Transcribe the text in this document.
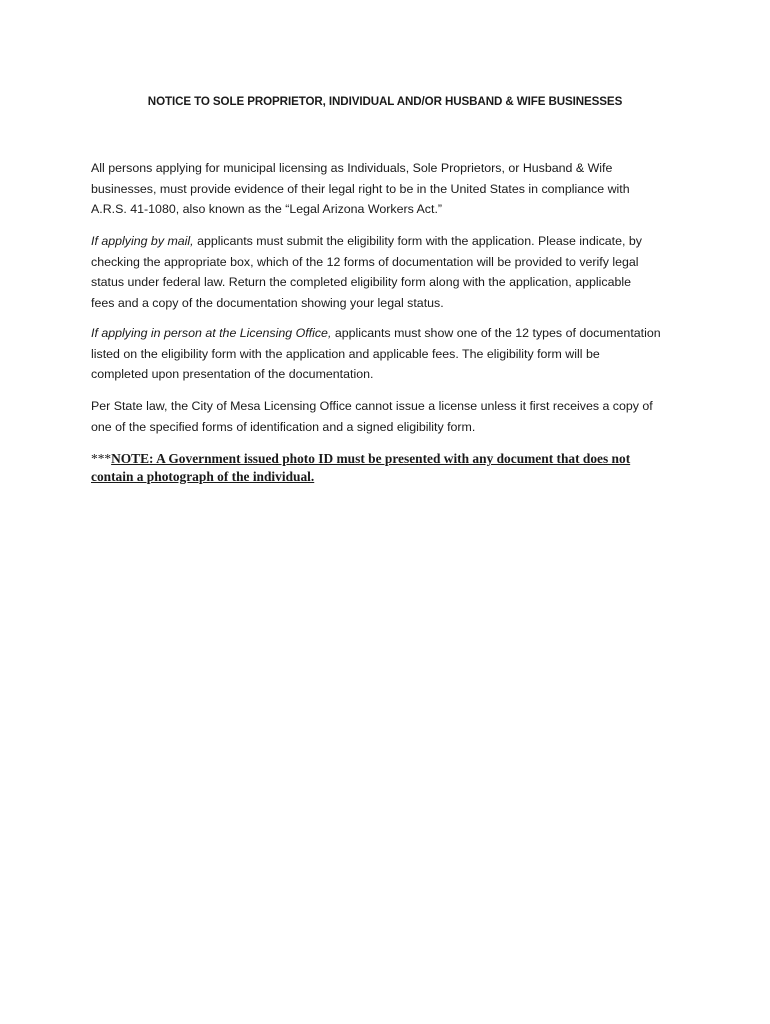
NOTICE TO SOLE PROPRIETOR, INDIVIDUAL AND/OR HUSBAND & WIFE BUSINESSES
All persons applying for municipal licensing as Individuals, Sole Proprietors, or Husband & Wife
businesses, must provide evidence of their legal right to be in the United States in compliance with
A.R.S. 41-1080, also known as the “Legal Arizona Workers Act.”
If applying by mail, applicants must submit the eligibility form with the application. Please indicate, by
checking the appropriate box, which of the 12 forms of documentation will be provided to verify legal
status under federal law. Return the completed eligibility form along with the application, applicable
fees and a copy of the documentation showing your legal status.
If applying in person at the Licensing Office, applicants must show one of the 12 types of documentation
listed on the eligibility form with the application and applicable fees. The eligibility form will be
completed upon presentation of the documentation.
Per State law, the City of Mesa Licensing Office cannot issue a license unless it first receives a copy of
one of the specified forms of identification and a signed eligibility form.
***NOTE: A Government issued photo ID must be presented with any document that does not
contain a photograph of the individual.
